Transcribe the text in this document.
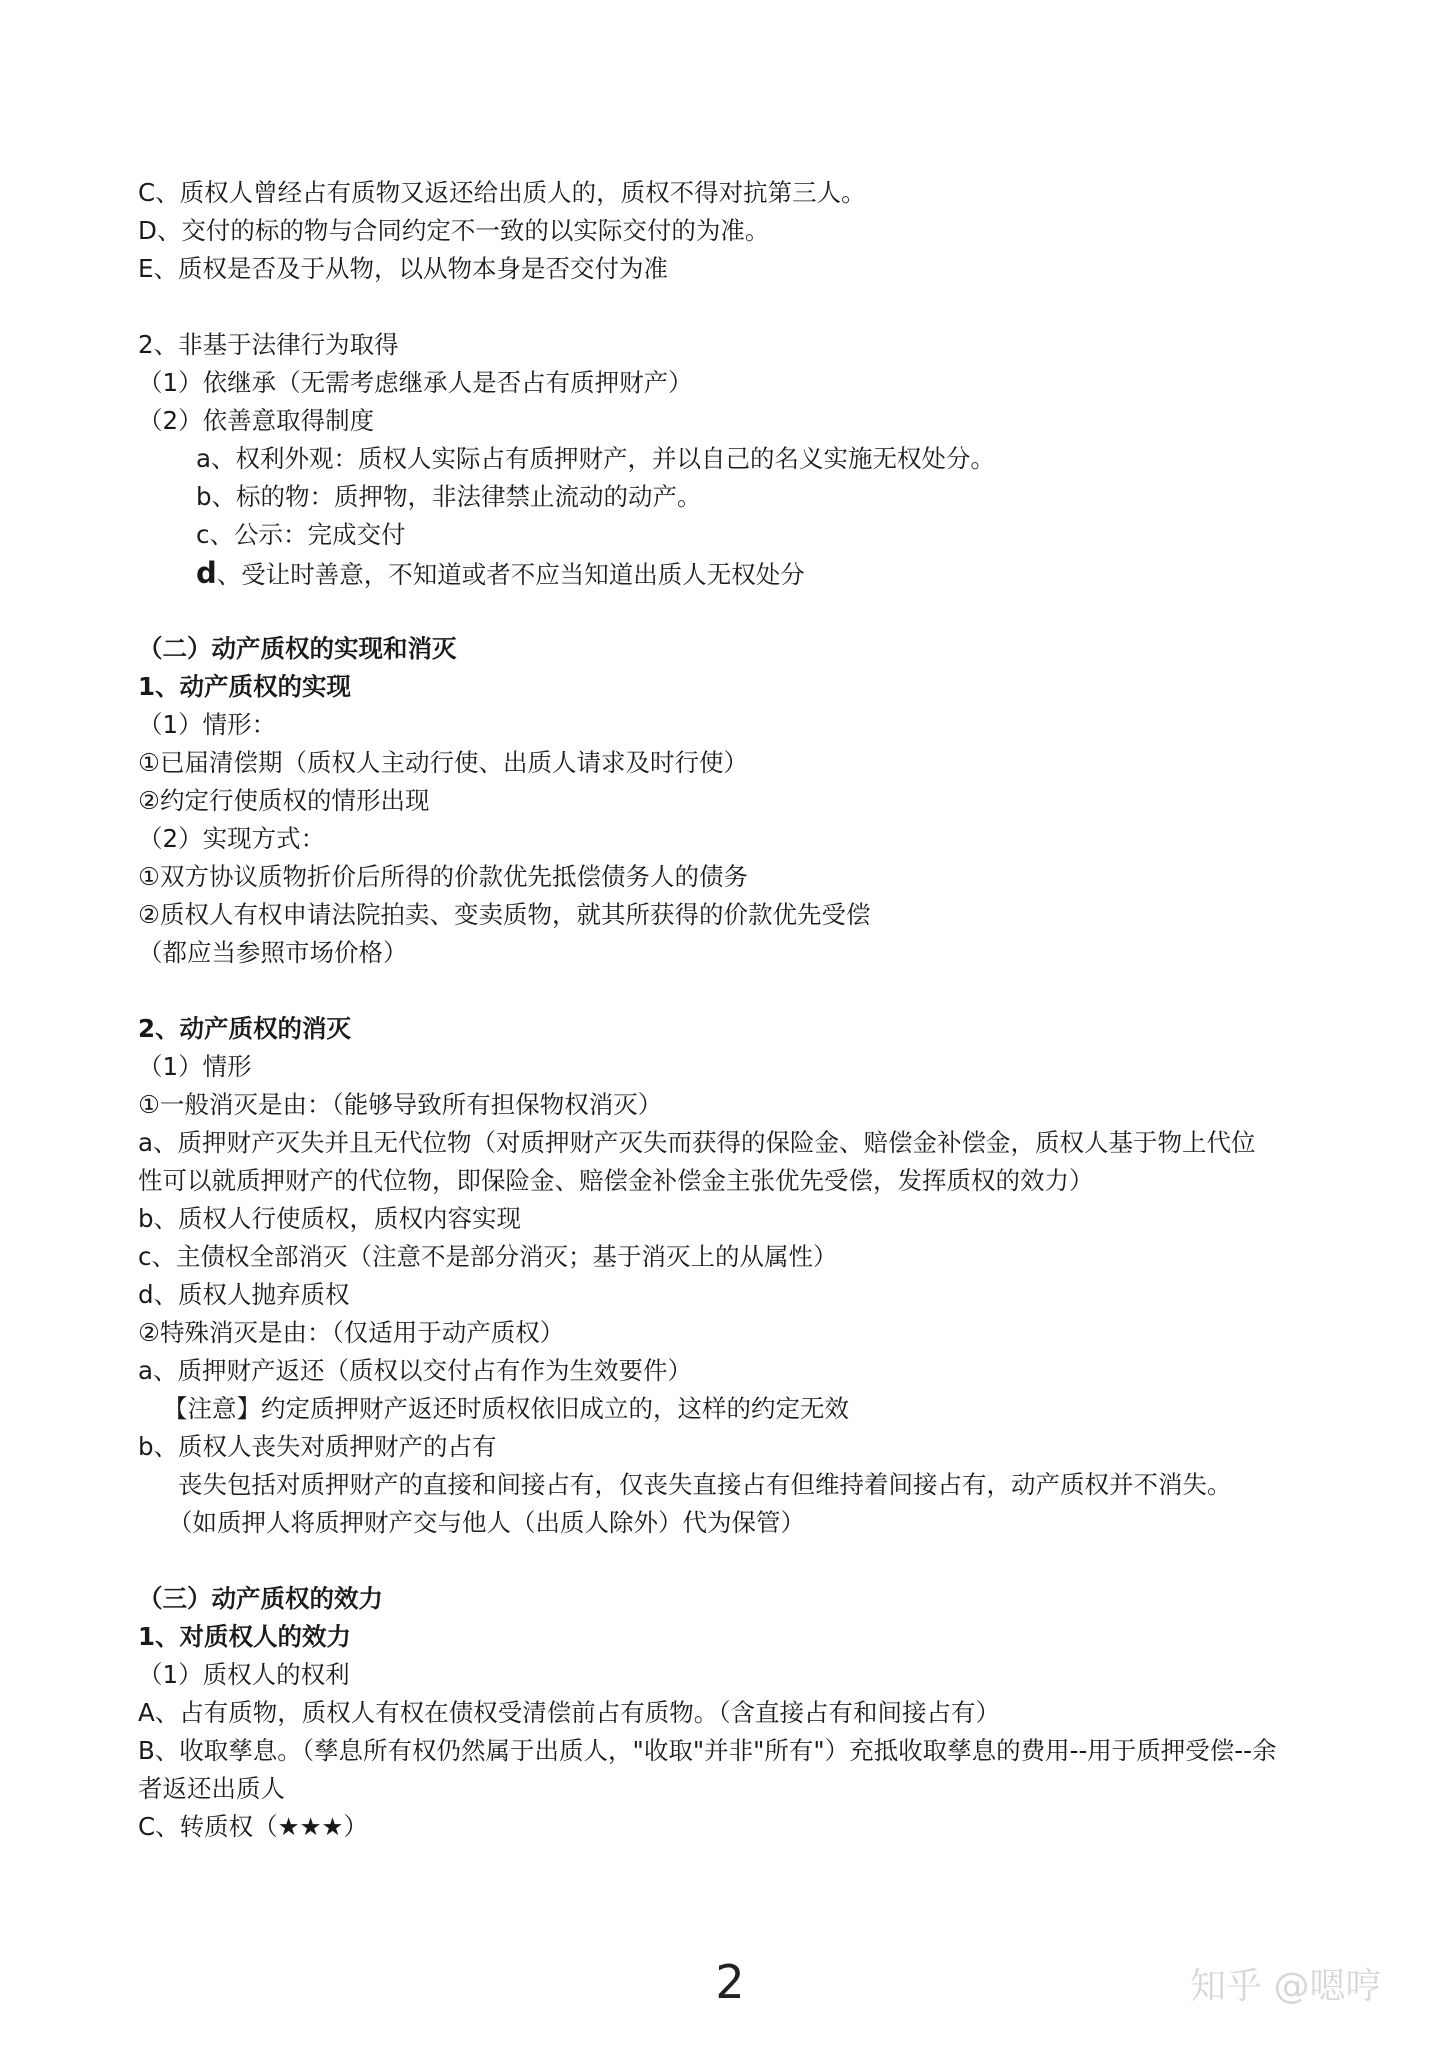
C、质权人曾经占有质物又返还给出质人的，质权不得对抗第三人。
D、交付的标的物与合同约定不一致的以实际交付的为准。
E、质权是否及于从物，以从物本身是否交付为准
2、非基于法律行为取得
（1）依继承（无需考虑继承人是否占有质押财产）
（2）依善意取得制度
a、权利外观：质权人实际占有质押财产，并以自己的名义实施无权处分。
b、标的物：质押物，非法律禁止流动的动产。
c、公示：完成交付
d、受让时善意，不知道或者不应当知道出质人无权处分
（二）动产质权的实现和消灭
1、动产质权的实现
（1）情形：
①已届清偿期（质权人主动行使、出质人请求及时行使）
②约定行使质权的情形出现
（2）实现方式：
①双方协议质物折价后所得的价款优先抵偿债务人的债务
②质权人有权申请法院拍卖、变卖质物，就其所获得的价款优先受偿
（都应当参照市场价格）
2、动产质权的消灭
（1）情形
①一般消灭是由：（能够导致所有担保物权消灭）
a、质押财产灭失并且无代位物（对质押财产灭失而获得的保险金、赔偿金补偿金，质权人基于物上代位
性可以就质押财产的代位物，即保险金、赔偿金补偿金主张优先受偿，发挥质权的效力）
b、质权人行使质权，质权内容实现
c、主债权全部消灭（注意不是部分消灭；基于消灭上的从属性）
d、质权人抛弃质权
②特殊消灭是由：（仅适用于动产质权）
a、质押财产返还（质权以交付占有作为生效要件）
【注意】约定质押财产返还时质权依旧成立的，这样的约定无效
b、质权人丧失对质押财产的占有
丧失包括对质押财产的直接和间接占有，仅丧失直接占有但维持着间接占有，动产质权并不消失。
（如质押人将质押财产交与他人（出质人除外）代为保管）
（三）动产质权的效力
1、对质权人的效力
（1）质权人的权利
A、占有质物，质权人有权在债权受清偿前占有质物。（含直接占有和间接占有）
B、收取孳息。（孳息所有权仍然属于出质人，"收取"并非"所有"）充抵收取孳息的费用--用于质押受偿--余
者返还出质人
C、转质权（★★★）
2	知乎 @嗯哼
